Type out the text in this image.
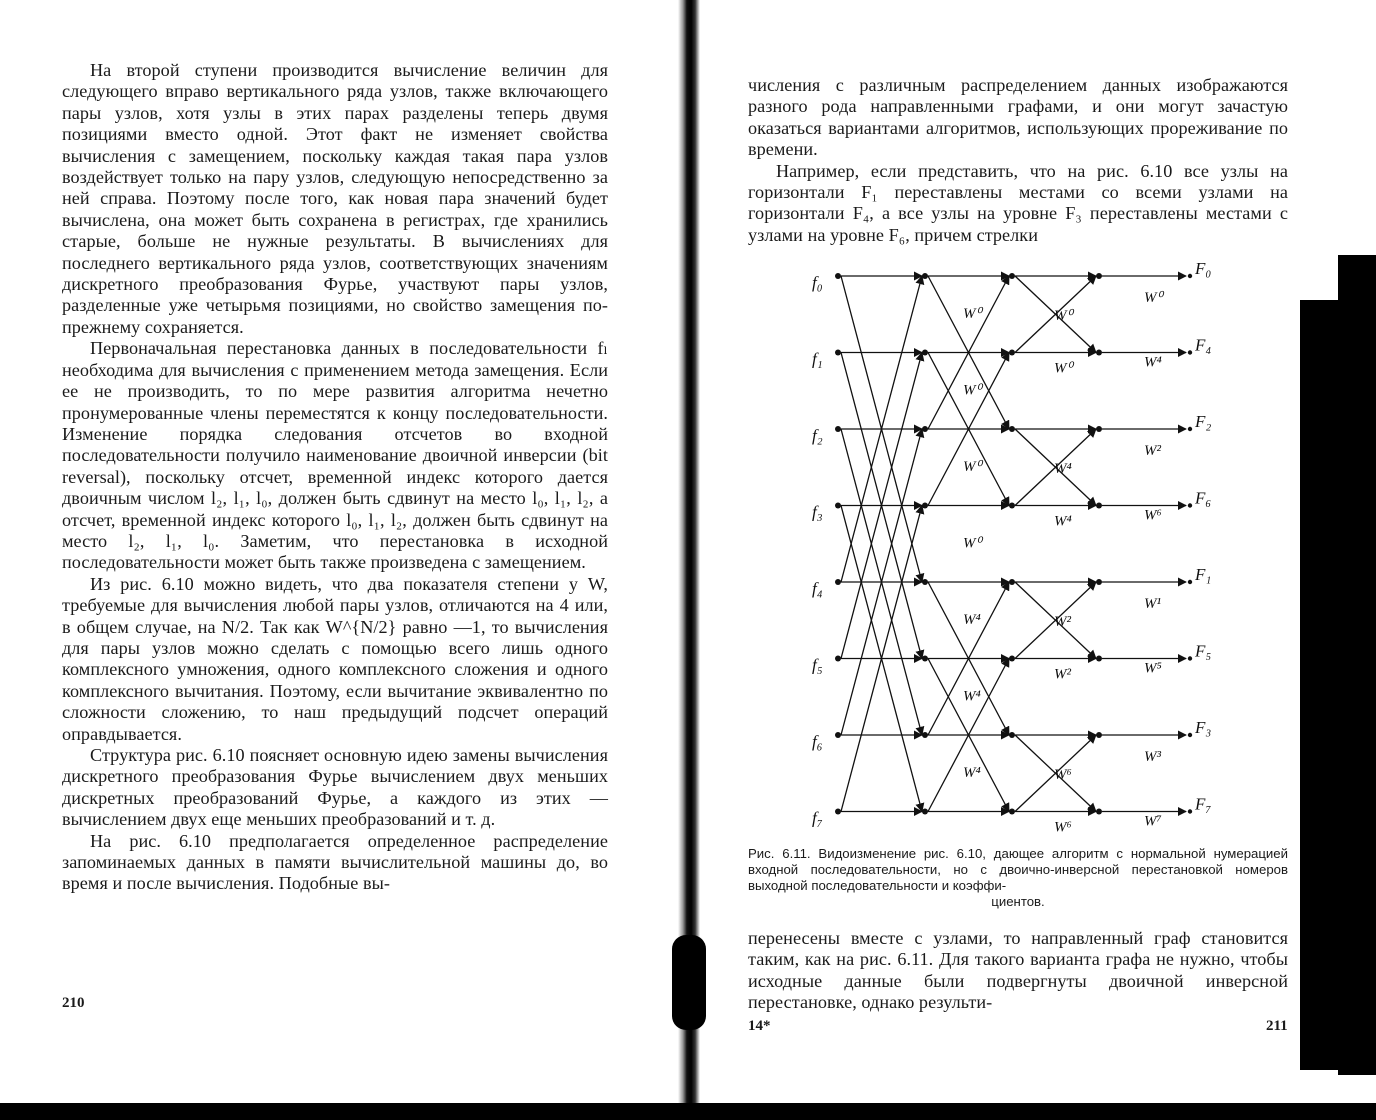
На второй ступени производится вычисление величин для следующего вправо вертикального ряда узлов, также включающего пары узлов, хотя узлы в этих парах разделены теперь двумя позициями вместо одной. Этот факт не изменяет свойства вычисления с замещением, поскольку каждая такая пара узлов воздействует только на пару узлов, следующую непосредственно за ней справа. Поэтому после того, как новая пара значений будет вычислена, она может быть сохранена в регистрах, где хранились старые, больше не нужные результаты. В вычислениях для последнего вертикального ряда узлов, соответствующих значениям дискретного преобразования Фурье, участвуют пары узлов, разделенные уже четырьмя позициями, но свойство замещения по-прежнему сохраняется.

Первоначальная перестановка данных в последовательности fₗ необходима для вычисления с применением метода замещения. Если ее не производить, то по мере развития алгоритма нечетно пронумерованные члены переместятся к концу последовательности. Изменение порядка следования отсчетов во входной последовательности получило наименование двоичной инверсии (bit reversal), поскольку отсчет, временной индекс которого дается двоичным числом l₂, l₁, l₀, должен быть сдвинут на место l₀, l₁, l₂, а отсчет, временной индекс которого l₀, l₁, l₂, должен быть сдвинут на место l₂, l₁, l₀. Заметим, что перестановка в исходной последовательности может быть также произведена с замещением.

Из рис. 6.10 можно видеть, что два показателя степени у W, требуемые для вычисления любой пары узлов, отличаются на 4 или, в общем случае, на N/2. Так как W^{N/2} равно —1, то вычисления для пары узлов можно сделать с помощью всего лишь одного комплексного умножения, одного комплексного сложения и одного комплексного вычитания. Поэтому, если вычитание эквивалентно по сложности сложению, то наш предыдущий подсчет операций оправдывается.

Структура рис. 6.10 поясняет основную идею замены вычисления дискретного преобразования Фурье вычислением двух меньших дискретных преобразований Фурье, а каждого из этих — вычислением двух еще меньших преобразований и т. д.

На рис. 6.10 предполагается определенное распределение запоминаемых данных в памяти вычислительной машины до, во время и после вычисления. Подобные вы-

210

числения с различным распределением данных изображаются разного рода направленными графами, и они могут зачастую оказаться вариантами алгоритмов, использующих прореживание по времени.

Например, если представить, что на рис. 6.10 все узлы на горизонтали F₁ переставлены местами со всеми узлами на горизонтали F₄, а все узлы на уровне F₃ переставлены местами с узлами на уровне F₆, причем стрелки

f₀
f₁
f₂
f₃
f₄
f₅
f₆
f₇
F₀
F₄
F₂
F₆
F₁
F₅
F₃
F₇
W⁰
W⁰
W⁰
W⁰
W⁴
W⁴
W⁴
W⁰
W⁰
W⁴
W⁴
W²
W²
W⁶
W⁶
W⁰
W⁴
W²
W⁶
W¹
W⁵
W³
W⁷
Рис. 6.11. Видоизменение рис. 6.10, дающее алгоритм с нормальной нумерацией входной последовательности, но с двоично-инверсной перестановкой номеров выходной последовательности и коэффи-
циентов.

перенесены вместе с узлами, то направленный граф становится таким, как на рис. 6.11. Для такого варианта графа не нужно, чтобы исходные данные были подвергнуты двоичной инверсной перестановке, однако результи-

14*	211
